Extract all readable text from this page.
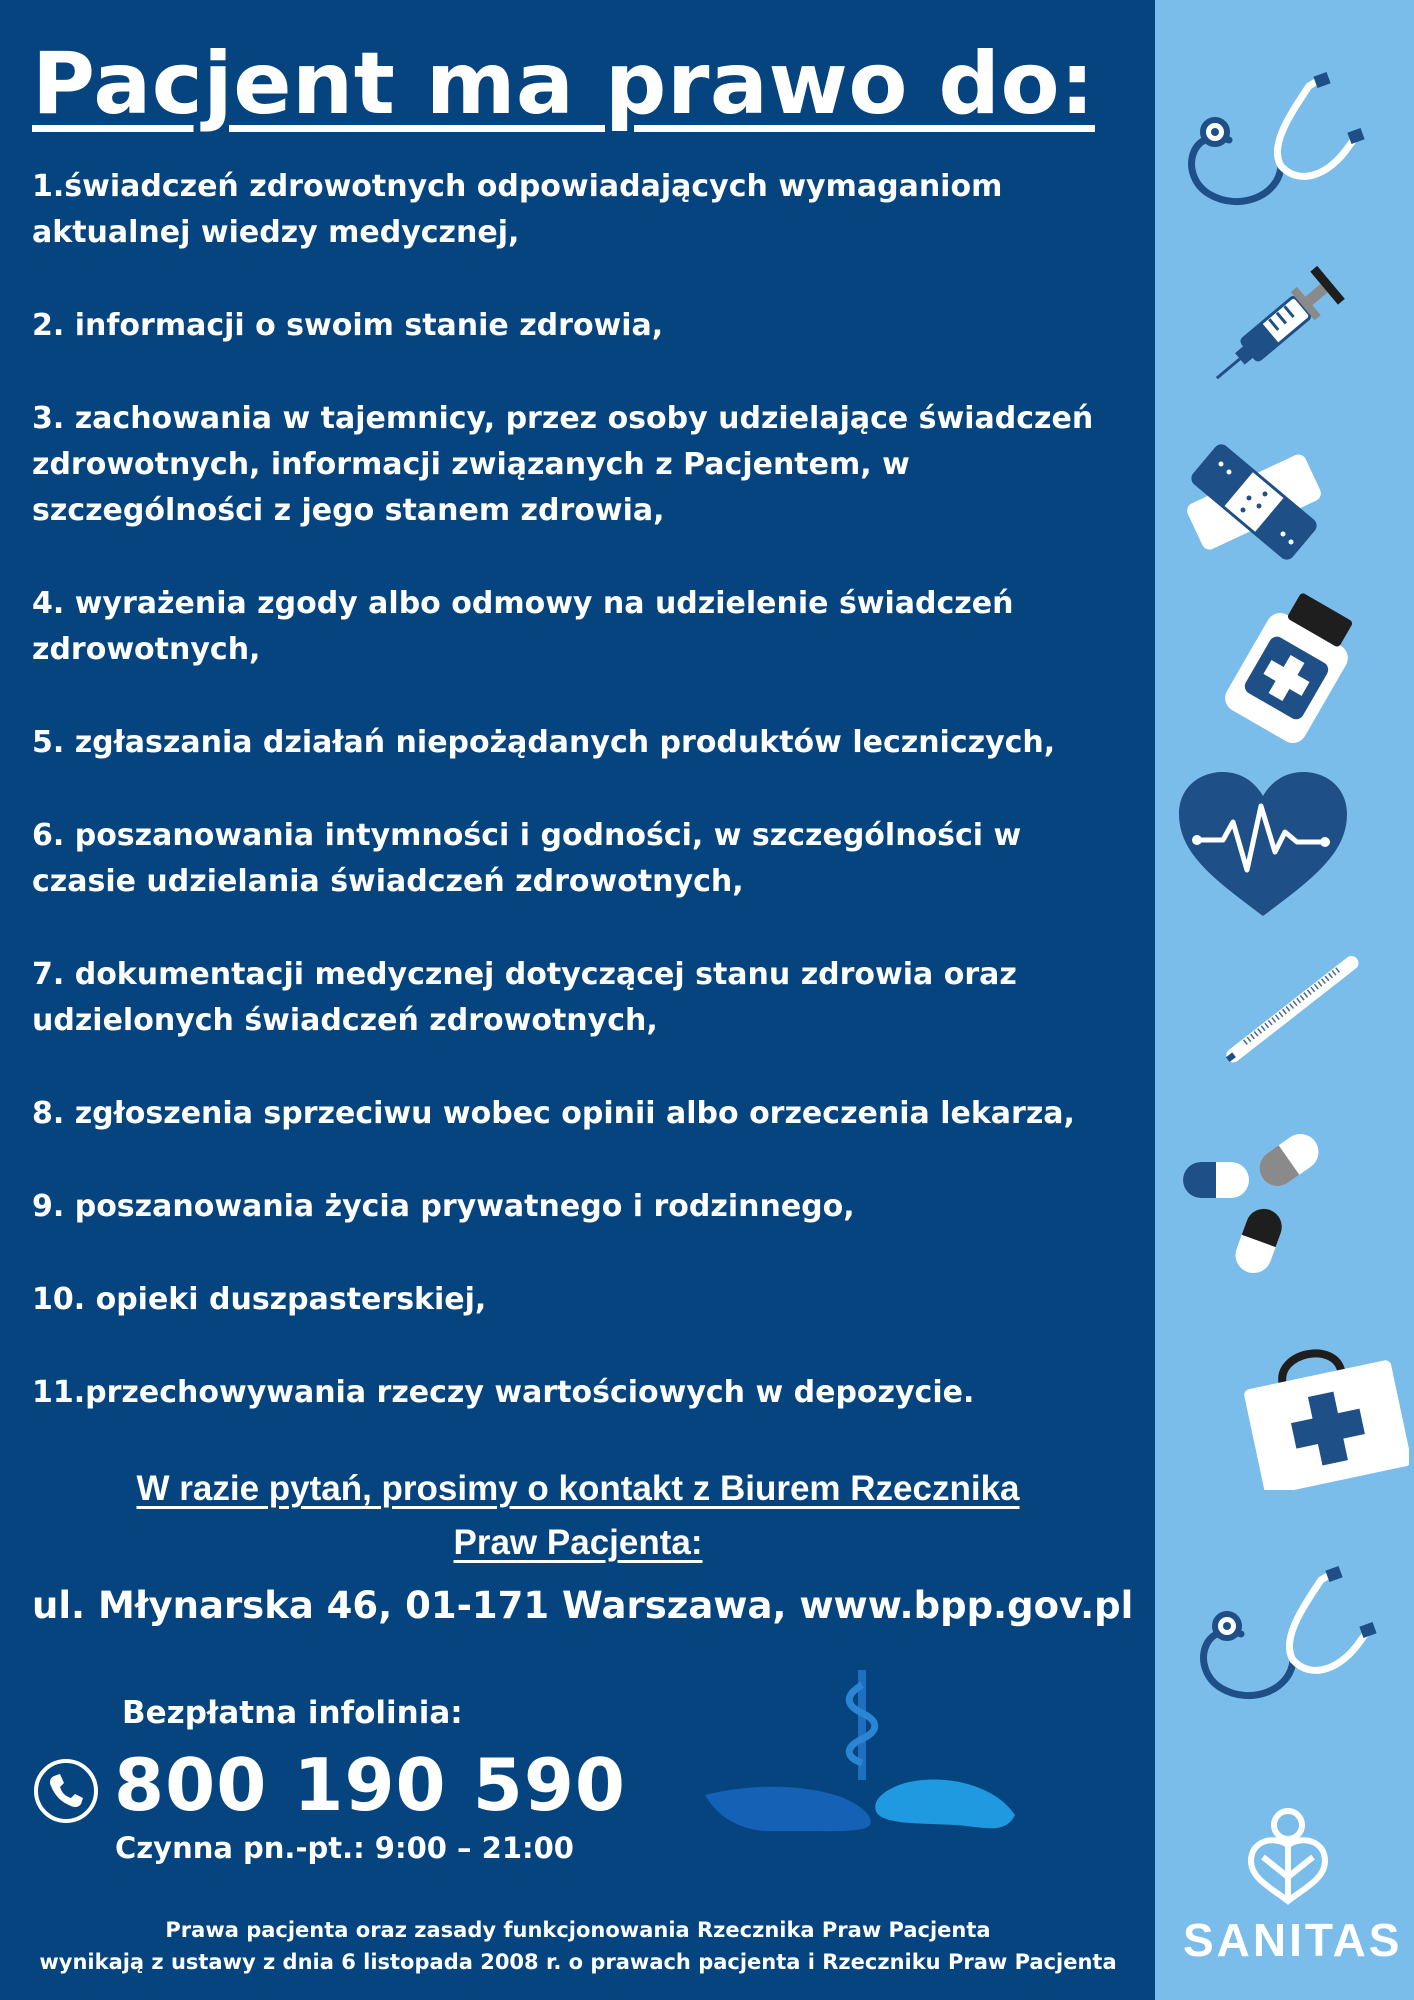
Pacjent ma prawo do:
1.świadczeń zdrowotnych odpowiadających wymaganiom aktualnej wiedzy medycznej,
2. informacji o swoim stanie zdrowia,
3. zachowania w tajemnicy, przez osoby udzielające świadczeń zdrowotnych, informacji związanych z Pacjentem, w szczególności z jego stanem zdrowia,
4. wyrażenia zgody albo odmowy na udzielenie świadczeń zdrowotnych,
5. zgłaszania działań niepożądanych produktów leczniczych,
6. poszanowania intymności i godności, w szczególności w czasie udzielania świadczeń zdrowotnych,
7. dokumentacji medycznej dotyczącej stanu zdrowia oraz udzielonych świadczeń zdrowotnych,
8. zgłoszenia sprzeciwu wobec opinii albo orzeczenia lekarza,
9. poszanowania życia prywatnego i rodzinnego,
10. opieki duszpasterskiej,
11.przechowywania rzeczy wartościowych w depozycie.

W razie pytań, prosimy o kontakt z Biurem Rzecznika
Praw Pacjenta:

ul. Młynarska 46, 01-171 Warszawa, www.bpp.gov.pl
Bezpłatna infolinia:
800 190 590
Czynna pn.-pt.: 9:00 – 21:00
Prawa pacjenta oraz zasady funkcjonowania Rzecznika Praw Pacjenta
wynikają z ustawy z dnia 6 listopada 2008 r. o prawach pacjenta i Rzeczniku Praw Pacjenta SANITAS
